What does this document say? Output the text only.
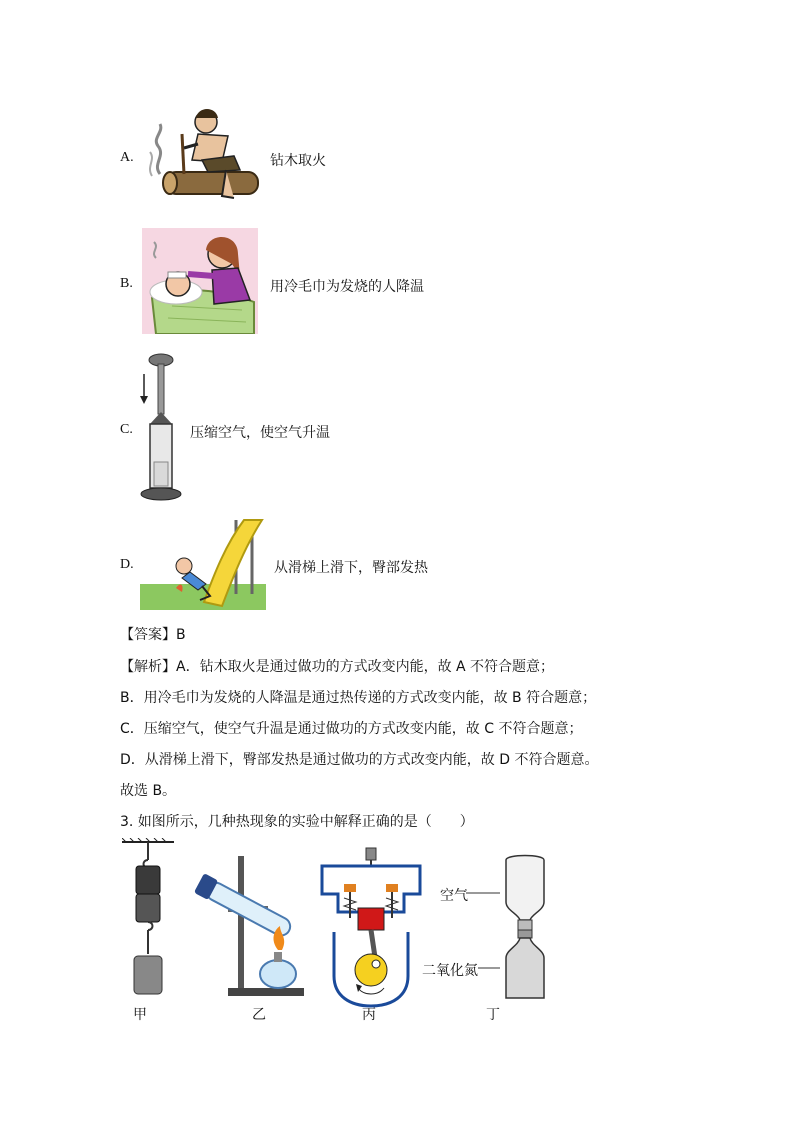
A.	钻木取火
B.	用冷毛巾为发烧的人降温
C.	压缩空气，使空气升温
D.	从滑梯上滑下，臀部发热
【答案】B
【解析】A．钻木取火是通过做功的方式改变内能，故 A 不符合题意；
B．用冷毛巾为发烧的人降温是通过热传递的方式改变内能，故 B 符合题意；
C．压缩空气，使空气升温是通过做功的方式改变内能，故 C 不符合题意；
D．从滑梯上滑下，臀部发热是通过做功的方式改变内能，故 D 不符合题意。
故选 B。
3. 如图所示，几种热现象的实验中解释正确的是（　　）
甲	乙	丙
空气
二氧化氮
丁
